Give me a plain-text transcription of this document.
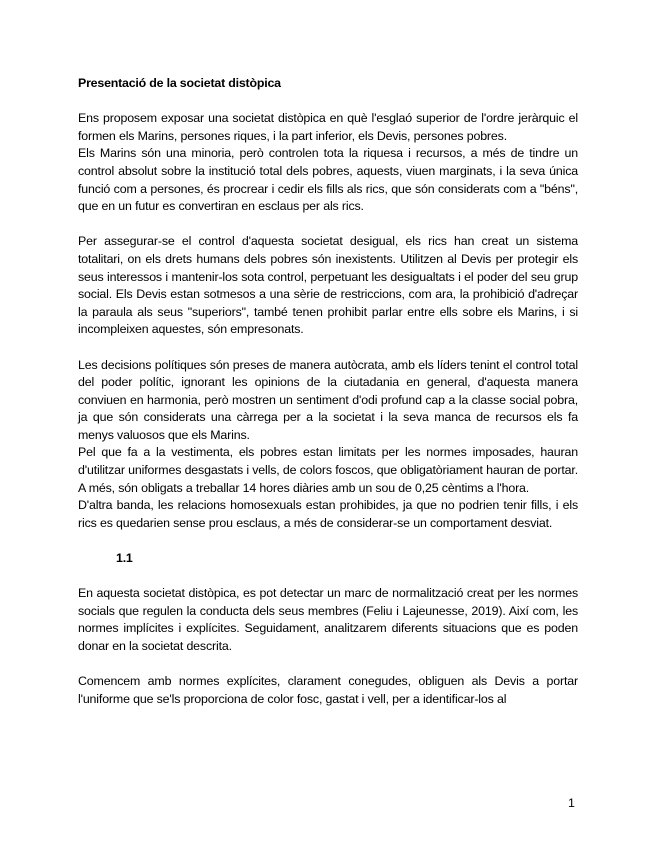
Presentació de la societat distòpica

Ens proposem exposar una societat distòpica en què l'esglaó superior de l'ordre jeràrquic el formen els Marins, persones riques, i la part inferior, els Devis, persones pobres.

Els Marins són una minoria, però controlen tota la riquesa i recursos, a més de tindre un control absolut sobre la institució total dels pobres, aquests, viuen marginats, i la seva única funció com a persones, és procrear i cedir els fills als rics, que són considerats com a "béns", que en un futur es convertiran en esclaus per als rics.

Per assegurar-se el control d'aquesta societat desigual, els rics han creat un sistema totalitari, on els drets humans dels pobres són inexistents. Utilitzen al Devis per protegir els seus interessos i mantenir-los sota control, perpetuant les desigualtats i el poder del seu grup social. Els Devis estan sotmesos a una sèrie de restriccions, com ara, la prohibició d'adreçar la paraula als seus "superiors", també tenen prohibit parlar entre ells sobre els Marins, i si incompleixen aquestes, són empresonats.

Les decisions polítiques són preses de manera autòcrata, amb els líders tenint el control total del poder polític, ignorant les opinions de la ciutadania en general, d'aquesta manera conviuen en harmonia, però mostren un sentiment d'odi profund cap a la classe social pobra, ja que són considerats una càrrega per a la societat i la seva manca de recursos els fa menys valuosos que els Marins.

Pel que fa a la vestimenta, els pobres estan limitats per les normes imposades, hauran d'utilitzar uniformes desgastats i vells, de colors foscos, que obligatòriament hauran de portar. A més, són obligats a treballar 14 hores diàries amb un sou de 0,25 cèntims a l'hora.

D'altra banda, les relacions homosexuals estan prohibides, ja que no podrien tenir fills, i els rics es quedarien sense prou esclaus, a més de considerar-se un comportament desviat.

1.1

En aquesta societat distòpica, es pot detectar un marc de normalització creat per les normes socials que regulen la conducta dels seus membres (Feliu i Lajeunesse, 2019). Així com, les normes implícites i explícites. Seguidament, analitzarem diferents situacions que es poden donar en la societat descrita.

Comencem amb normes explícites, clarament conegudes, obliguen als Devis a portar l'uniforme que se'ls proporciona de color fosc, gastat i vell, per a identificar-los al

1
